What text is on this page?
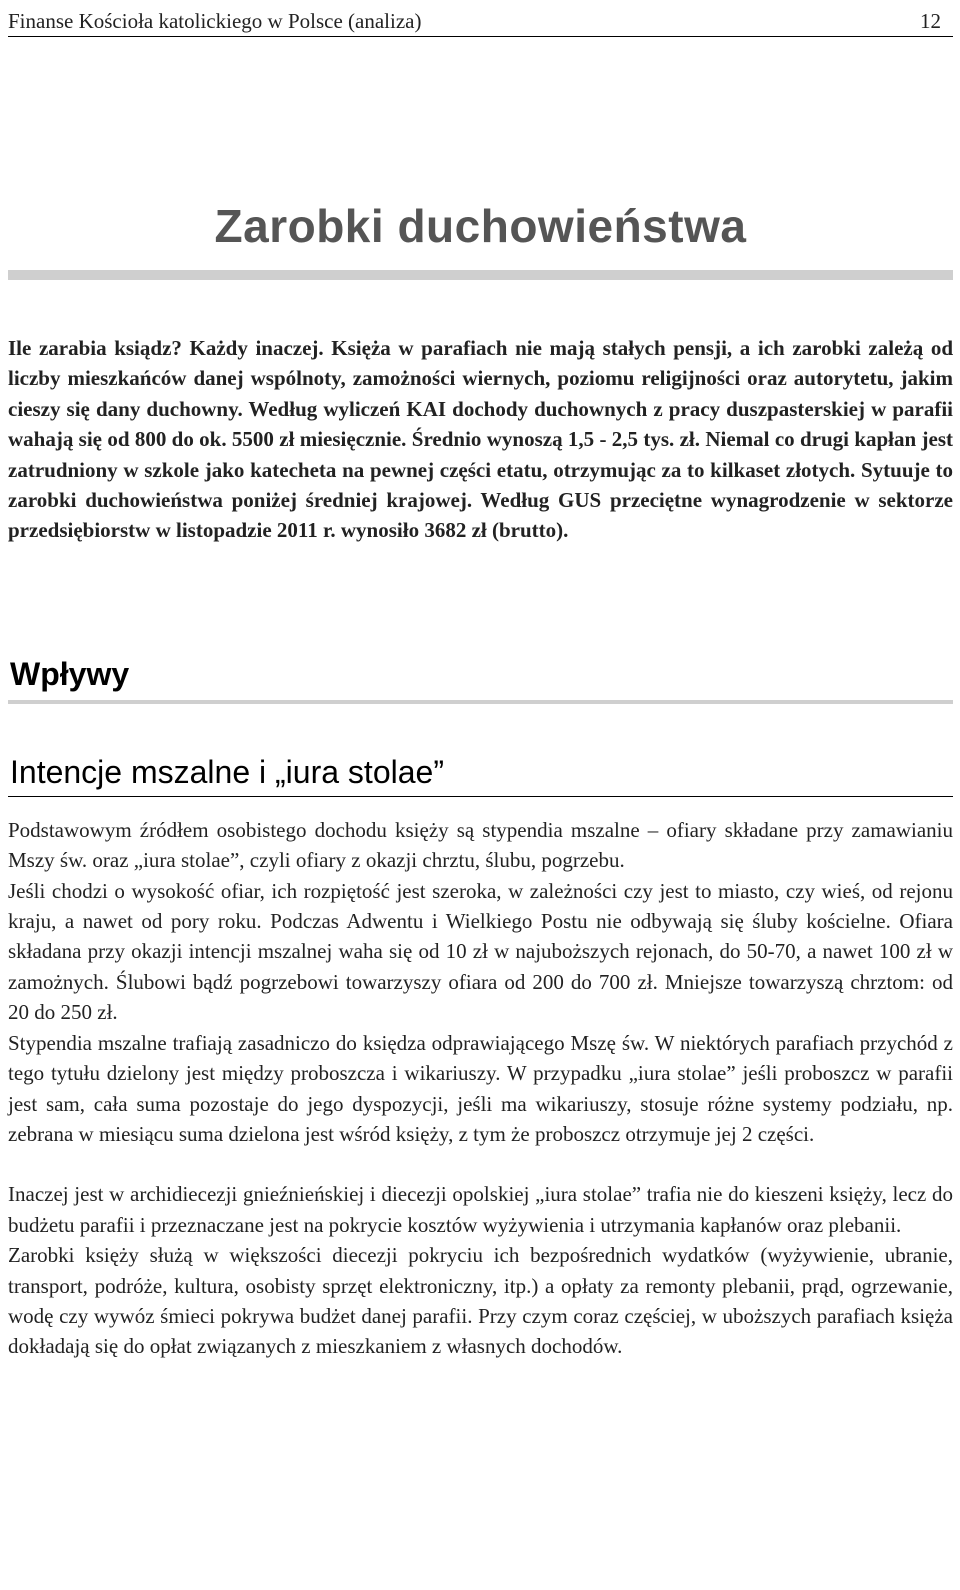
Finanse Kościoła katolickiego w Polsce (analiza)	12
Zarobki duchowieństwa

Ile zarabia ksiądz? Każdy inaczej. Księża w parafiach nie mają stałych pensji, a ich zarobki zależą od liczby mieszkańców danej wspólnoty, zamożności wiernych, poziomu religijności oraz autorytetu, jakim cieszy się dany duchowny. Według wyliczeń KAI dochody duchownych z pracy duszpasterskiej w parafii wahają się od 800 do ok. 5500 zł miesięcznie. Średnio wynoszą 1,5 - 2,5 tys. zł. Niemal co drugi kapłan jest zatrudniony w szkole jako katecheta na pewnej części etatu, otrzymując za to kilkaset złotych. Sytuuje to zarobki duchowieństwa poniżej średniej krajowej. Według GUS przeciętne wynagrodzenie w sektorze przedsiębiorstw w listopadzie 2011 r. wynosiło 3682 zł (brutto).

Wpływy
Intencje mszalne i „iura stolae”

Podstawowym źródłem osobistego dochodu księży są stypendia mszalne – ofiary składane przy zamawianiu Mszy św. oraz „iura stolae”, czyli ofiary z okazji chrztu, ślubu, pogrzebu.

Jeśli chodzi o wysokość ofiar, ich rozpiętość jest szeroka, w zależności czy jest to miasto, czy wieś, od rejonu kraju, a nawet od pory roku. Podczas Adwentu i Wielkiego Postu nie odbywają się śluby kościelne. Ofiara składana przy okazji intencji mszalnej waha się od 10 zł w najuboższych rejonach, do 50-70, a nawet 100 zł w zamożnych. Ślubowi bądź pogrzebowi towarzyszy ofiara od 200 do 700 zł. Mniejsze towarzyszą chrztom: od 20 do 250 zł.

Stypendia mszalne trafiają zasadniczo do księdza odprawiającego Mszę św. W niektórych parafiach przychód z tego tytułu dzielony jest między proboszcza i wikariuszy. W przypadku „iura stolae” jeśli proboszcz w parafii jest sam, cała suma pozostaje do jego dyspozycji, jeśli ma wikariuszy, stosuje różne systemy podziału, np. zebrana w miesiącu suma dzielona jest wśród księży, z tym że proboszcz otrzymuje jej 2 części.

Inaczej jest w archidiecezji gnieźnieńskiej i diecezji opolskiej „iura stolae” trafia nie do kieszeni księży, lecz do budżetu parafii i przeznaczane jest na pokrycie kosztów wyżywienia i utrzymania kapłanów oraz plebanii.

Zarobki księży służą w większości diecezji pokryciu ich bezpośrednich wydatków (wyżywienie, ubranie, transport, podróże, kultura, osobisty sprzęt elektroniczny, itp.) a opłaty za remonty plebanii, prąd, ogrzewanie, wodę czy wywóz śmieci pokrywa budżet danej parafii. Przy czym coraz częściej, w uboższych parafiach księża dokładają się do opłat związanych z mieszkaniem z własnych dochodów.
